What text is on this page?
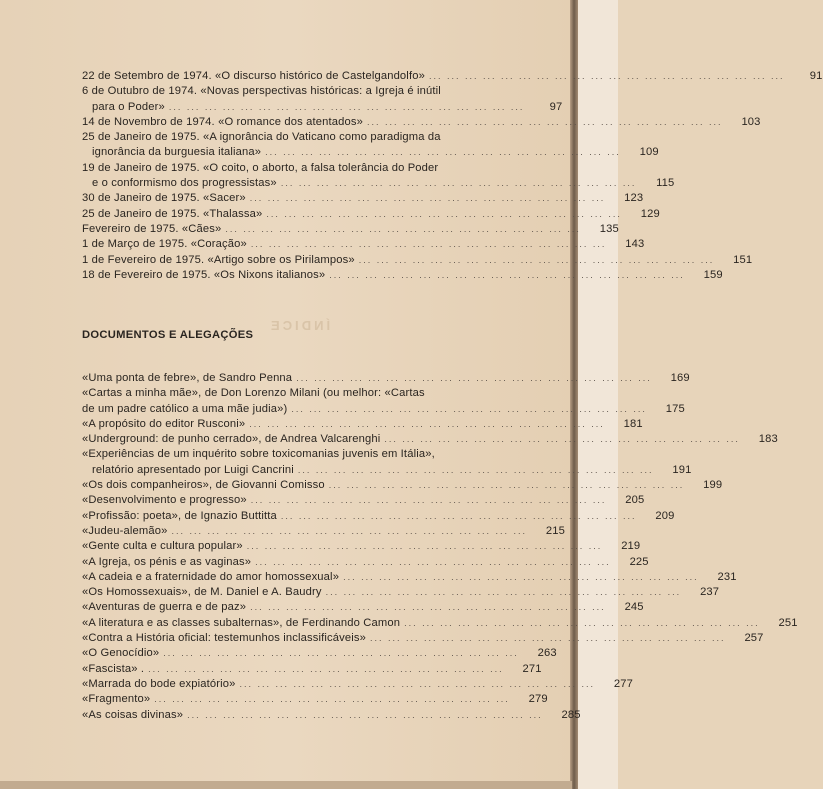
ÍNDICE
22 de Setembro de 1974. «O discurso histórico de Castelgandolfo» ... ... ... ... ... ... ... ... ... ... ... ... ... ... ... ... ... ... ... ...	91
6 de Outubro de 1974. «Novas perspectivas históricas: a Igreja é inútil
para o Poder» ... ... ... ... ... ... ... ... ... ... ... ... ... ... ... ... ... ... ... ...	97
14 de Novembro de 1974. «O romance dos atentados» ... ... ... ... ... ... ... ... ... ... ... ... ... ... ... ... ... ... ... ...	103
25 de Janeiro de 1975. «A ignorância do Vaticano como paradigma da
ignorância da burguesia italiana» ... ... ... ... ... ... ... ... ... ... ... ... ... ... ... ... ... ... ... ...	109
19 de Janeiro de 1975. «O coito, o aborto, a falsa tolerância do Poder
e o conformismo dos progressistas» ... ... ... ... ... ... ... ... ... ... ... ... ... ... ... ... ... ... ... ...	115
30 de Janeiro de 1975. «Sacer» ... ... ... ... ... ... ... ... ... ... ... ... ... ... ... ... ... ... ... ...	123
25 de Janeiro de 1975. «Thalassa» ... ... ... ... ... ... ... ... ... ... ... ... ... ... ... ... ... ... ... ...	129
Fevereiro de 1975. «Cães» ... ... ... ... ... ... ... ... ... ... ... ... ... ... ... ... ... ... ... ...	135
1 de Março de 1975. «Coração» ... ... ... ... ... ... ... ... ... ... ... ... ... ... ... ... ... ... ... ...	143
1 de Fevereiro de 1975. «Artigo sobre os Pirilampos» ... ... ... ... ... ... ... ... ... ... ... ... ... ... ... ... ... ... ... ...	151
18 de Fevereiro de 1975. «Os Nixons italianos» ... ... ... ... ... ... ... ... ... ... ... ... ... ... ... ... ... ... ... ...	159
DOCUMENTOS E ALEGAÇÕES
«Uma ponta de febre», de Sandro Penna ... ... ... ... ... ... ... ... ... ... ... ... ... ... ... ... ... ... ... ...	169
«Cartas a minha mãe», de Don Lorenzo Milani (ou melhor: «Cartas
de um padre católico a uma mãe judia») ... ... ... ... ... ... ... ... ... ... ... ... ... ... ... ... ... ... ... ...	175
«A propósito do editor Rusconi» ... ... ... ... ... ... ... ... ... ... ... ... ... ... ... ... ... ... ... ...	181
«Underground: de punho cerrado», de Andrea Valcarenghi ... ... ... ... ... ... ... ... ... ... ... ... ... ... ... ... ... ... ... ...	183
«Experiências de um inquérito sobre toxicomanias juvenis em Itália»,
relatório apresentado por Luigi Cancrini ... ... ... ... ... ... ... ... ... ... ... ... ... ... ... ... ... ... ... ...	191
«Os dois companheiros», de Giovanni Comisso ... ... ... ... ... ... ... ... ... ... ... ... ... ... ... ... ... ... ... ...	199
«Desenvolvimento e progresso» ... ... ... ... ... ... ... ... ... ... ... ... ... ... ... ... ... ... ... ...	205
«Profissão: poeta», de Ignazio Buttitta ... ... ... ... ... ... ... ... ... ... ... ... ... ... ... ... ... ... ... ...	209
«Judeu-alemão» ... ... ... ... ... ... ... ... ... ... ... ... ... ... ... ... ... ... ... ...	215
«Gente culta e cultura popular» ... ... ... ... ... ... ... ... ... ... ... ... ... ... ... ... ... ... ... ...	219
«A Igreja, os pénis e as vaginas» ... ... ... ... ... ... ... ... ... ... ... ... ... ... ... ... ... ... ... ...	225
«A cadeia e a fraternidade do amor homossexual» ... ... ... ... ... ... ... ... ... ... ... ... ... ... ... ... ... ... ... ...	231
«Os Homossexuais», de M. Daniel e A. Baudry ... ... ... ... ... ... ... ... ... ... ... ... ... ... ... ... ... ... ... ...	237
«Aventuras de guerra e de paz» ... ... ... ... ... ... ... ... ... ... ... ... ... ... ... ... ... ... ... ...	245
«A literatura e as classes subalternas», de Ferdinando Camon ... ... ... ... ... ... ... ... ... ... ... ... ... ... ... ... ... ... ... ...	251
«Contra a História oficial: testemunhos inclassificáveis» ... ... ... ... ... ... ... ... ... ... ... ... ... ... ... ... ... ... ... ...	257
«O Genocídio» ... ... ... ... ... ... ... ... ... ... ... ... ... ... ... ... ... ... ... ...	263
«Fascista» . ... ... ... ... ... ... ... ... ... ... ... ... ... ... ... ... ... ... ... ...	271
«Marrada do bode expiatório» ... ... ... ... ... ... ... ... ... ... ... ... ... ... ... ... ... ... ... ...	277
«Fragmento» ... ... ... ... ... ... ... ... ... ... ... ... ... ... ... ... ... ... ... ...	279
«As coisas divinas» ... ... ... ... ... ... ... ... ... ... ... ... ... ... ... ... ... ... ... ...	285
